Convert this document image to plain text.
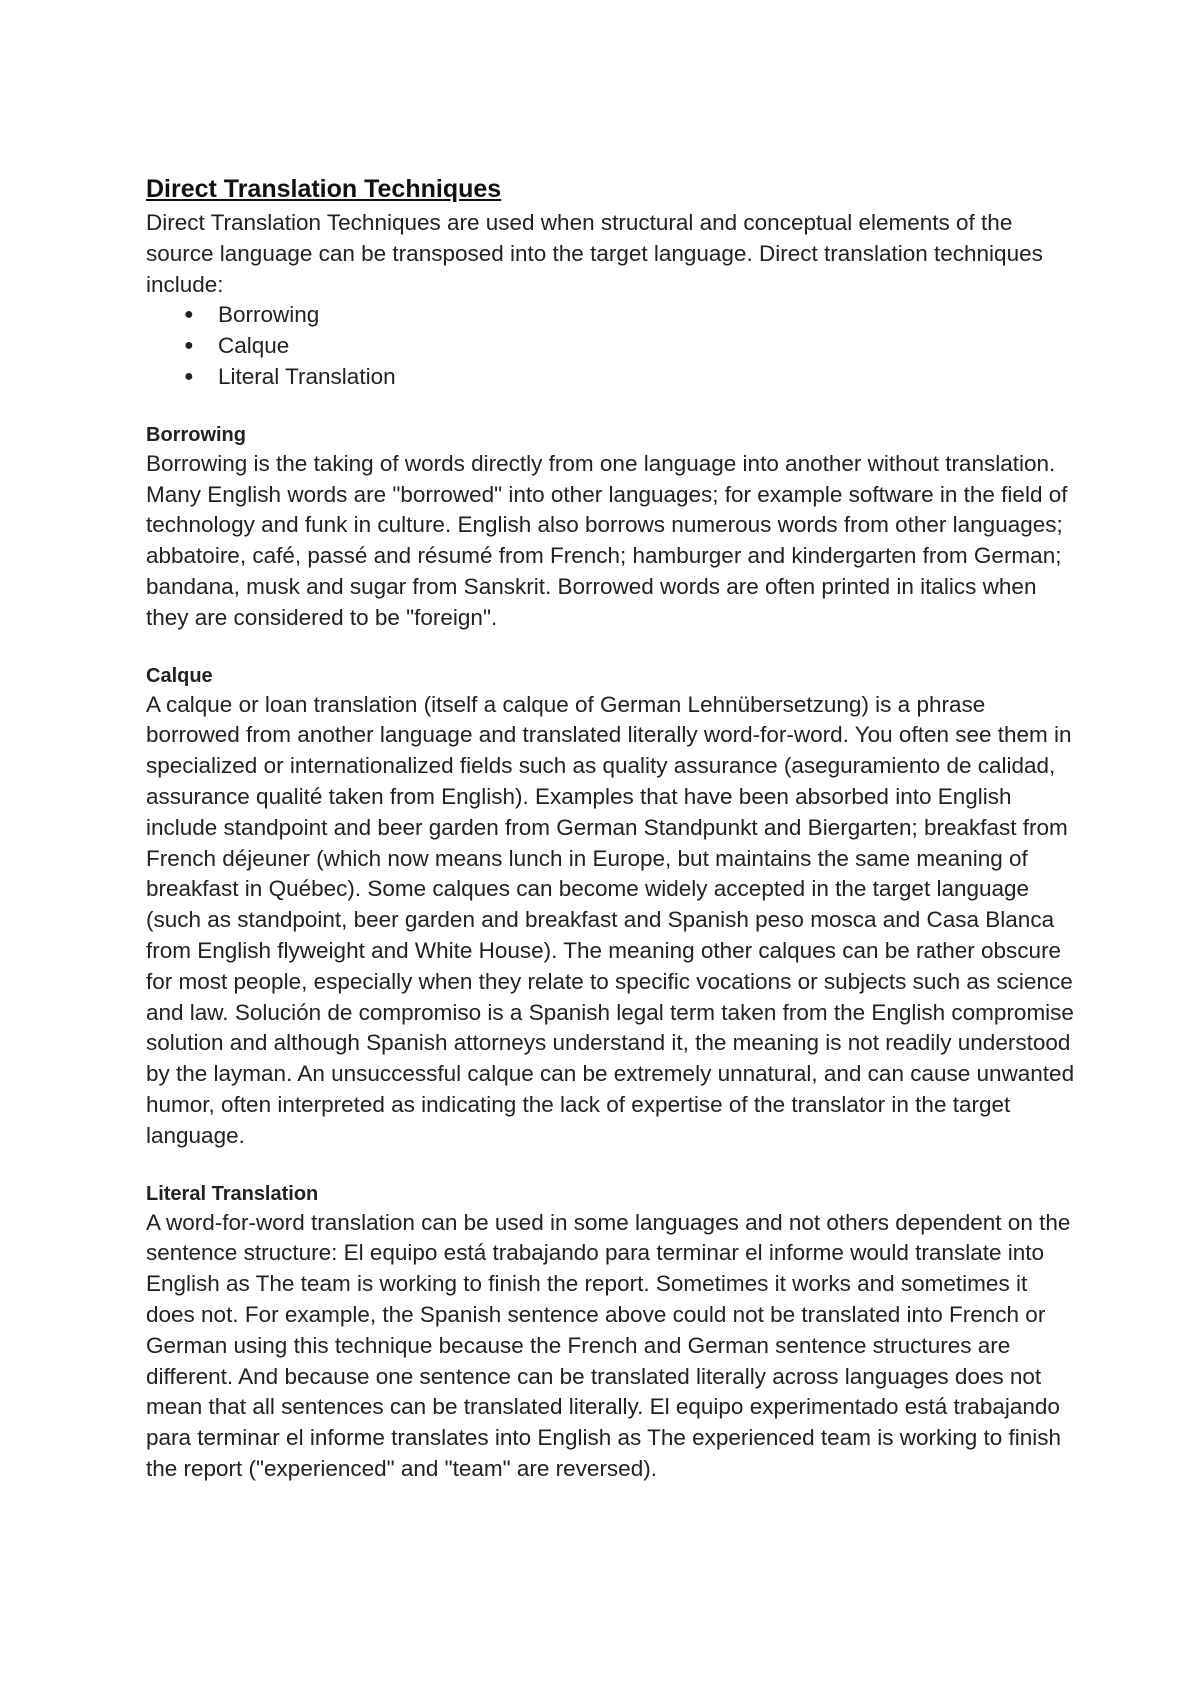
Direct Translation Techniques

Direct Translation Techniques are used when structural and conceptual elements of the source language can be transposed into the target language. Direct translation techniques include:

● Borrowing
● Calque
● Literal Translation
Borrowing

Borrowing is the taking of words directly from one language into another without translation. Many English words are "borrowed" into other languages; for example software in the field of technology and funk in culture. English also borrows numerous words from other languages; abbatoire, café, passé and résumé from French; hamburger and kindergarten from German; bandana, musk and sugar from Sanskrit. Borrowed words are often printed in italics when they are considered to be "foreign".

Calque

A calque or loan translation (itself a calque of German Lehnübersetzung) is a phrase borrowed from another language and translated literally word-for-word. You often see them in specialized or internationalized fields such as quality assurance (aseguramiento de calidad, assurance qualité taken from English). Examples that have been absorbed into English include standpoint and beer garden from German Standpunkt and Biergarten; breakfast from French déjeuner (which now means lunch in Europe, but maintains the same meaning of breakfast in Québec). Some calques can become widely accepted in the target language (such as standpoint, beer garden and breakfast and Spanish peso mosca and Casa Blanca from English flyweight and White House). The meaning other calques can be rather obscure for most people, especially when they relate to specific vocations or subjects such as science and law. Solución de compromiso is a Spanish legal term taken from the English compromise solution and although Spanish attorneys understand it, the meaning is not readily understood by the layman. An unsuccessful calque can be extremely unnatural, and can cause unwanted humor, often interpreted as indicating the lack of expertise of the translator in the target language.

Literal Translation

A word-for-word translation can be used in some languages and not others dependent on the sentence structure: El equipo está trabajando para terminar el informe would translate into English as The team is working to finish the report. Sometimes it works and sometimes it does not. For example, the Spanish sentence above could not be translated into French or German using this technique because the French and German sentence structures are different. And because one sentence can be translated literally across languages does not mean that all sentences can be translated literally. El equipo experimentado está trabajando para terminar el informe translates into English as The experienced team is working to finish the report ("experienced" and "team" are reversed).
